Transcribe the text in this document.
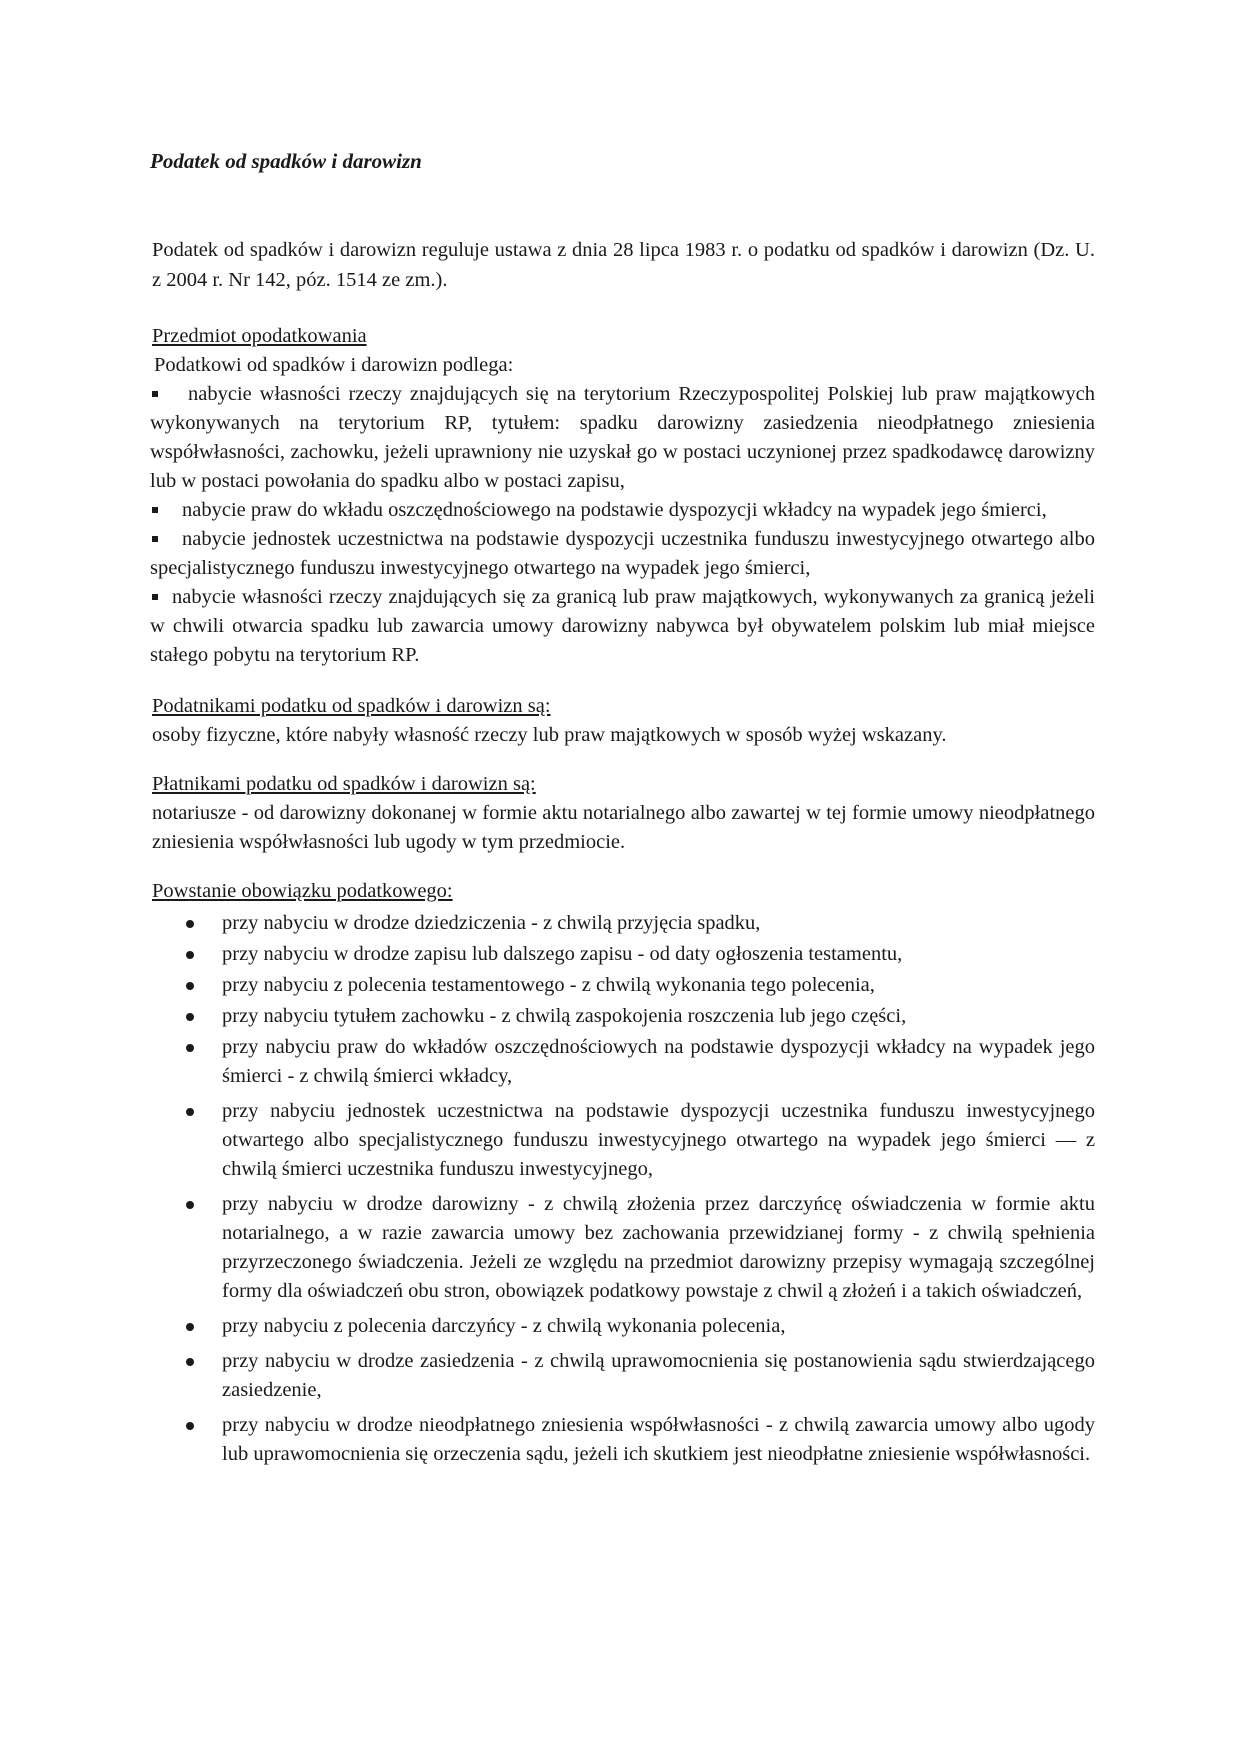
Podatek od spadków i darowizn

Podatek od spadków i darowizn reguluje ustawa z dnia 28 lipca 1983 r. o podatku od spadków i darowizn (Dz. U. z 2004 r. Nr 142, póz. 1514 ze zm.).

Przedmiot opodatkowania
Podatkowi od spadków i darowizn podlega:
nabycie własności rzeczy znajdujących się na terytorium Rzeczypospolitej Polskiej lub praw majątkowych wykonywanych na terytorium RP, tytułem: spadku darowizny zasiedzenia nieodpłatnego zniesienia współwłasności, zachowku, jeżeli uprawniony nie uzyskał go w postaci uczynionej przez spadkodawcę darowizny lub w postaci powołania do spadku albo w postaci zapisu,
nabycie praw do wkładu oszczędnościowego na podstawie dyspozycji wkładcy na wypadek jego śmierci,
nabycie jednostek uczestnictwa na podstawie dyspozycji uczestnika funduszu inwestycyjnego otwartego albo specjalistycznego funduszu inwestycyjnego otwartego na wypadek jego śmierci,
nabycie własności rzeczy znajdujących się za granicą lub praw majątkowych, wykonywanych za granicą jeżeli w chwili otwarcia spadku lub zawarcia umowy darowizny nabywca był obywatelem polskim lub miał miejsce stałego pobytu na terytorium RP.
Podatnikami podatku od spadków i darowizn są:

osoby fizyczne, które nabyły własność rzeczy lub praw majątkowych w sposób wyżej wskazany.

Płatnikami podatku od spadków i darowizn są:

notariusze - od darowizny dokonanej w formie aktu notarialnego albo zawartej w tej formie umowy nieodpłatnego zniesienia współwłasności lub ugody w tym przedmiocie.

Powstanie obowiązku podatkowego:
przy nabyciu w drodze dziedziczenia - z chwilą przyjęcia spadku,
przy nabyciu w drodze zapisu lub dalszego zapisu - od daty ogłoszenia testamentu,
przy nabyciu z polecenia testamentowego - z chwilą wykonania tego polecenia,
przy nabyciu tytułem zachowku - z chwilą zaspokojenia roszczenia lub jego części,
przy nabyciu praw do wkładów oszczędnościowych na podstawie dyspozycji wkładcy na wypadek jego śmierci - z chwilą śmierci wkładcy,
przy nabyciu jednostek uczestnictwa na podstawie dyspozycji uczestnika funduszu inwestycyjnego otwartego albo specjalistycznego funduszu inwestycyjnego otwartego na wypadek jego śmierci — z chwilą śmierci uczestnika funduszu inwestycyjnego,
przy nabyciu w drodze darowizny - z chwilą złożenia przez darczyńcę oświadczenia w formie aktu notarialnego, a w razie zawarcia umowy bez zachowania przewidzianej formy - z chwilą spełnienia przyrzeczonego świadczenia. Jeżeli ze względu na przedmiot darowizny przepisy wymagają szczególnej formy dla oświadczeń obu stron, obowiązek podatkowy powstaje z chwil ą złożeń i a takich oświadczeń,
przy nabyciu z polecenia darczyńcy - z chwilą wykonania polecenia,
przy nabyciu w drodze zasiedzenia - z chwilą uprawomocnienia się postanowienia sądu stwierdzającego zasiedzenie,
przy nabyciu w drodze nieodpłatnego zniesienia współwłasności - z chwilą zawarcia umowy albo ugody lub uprawomocnienia się orzeczenia sądu, jeżeli ich skutkiem jest nieodpłatne zniesienie współwłasności.
